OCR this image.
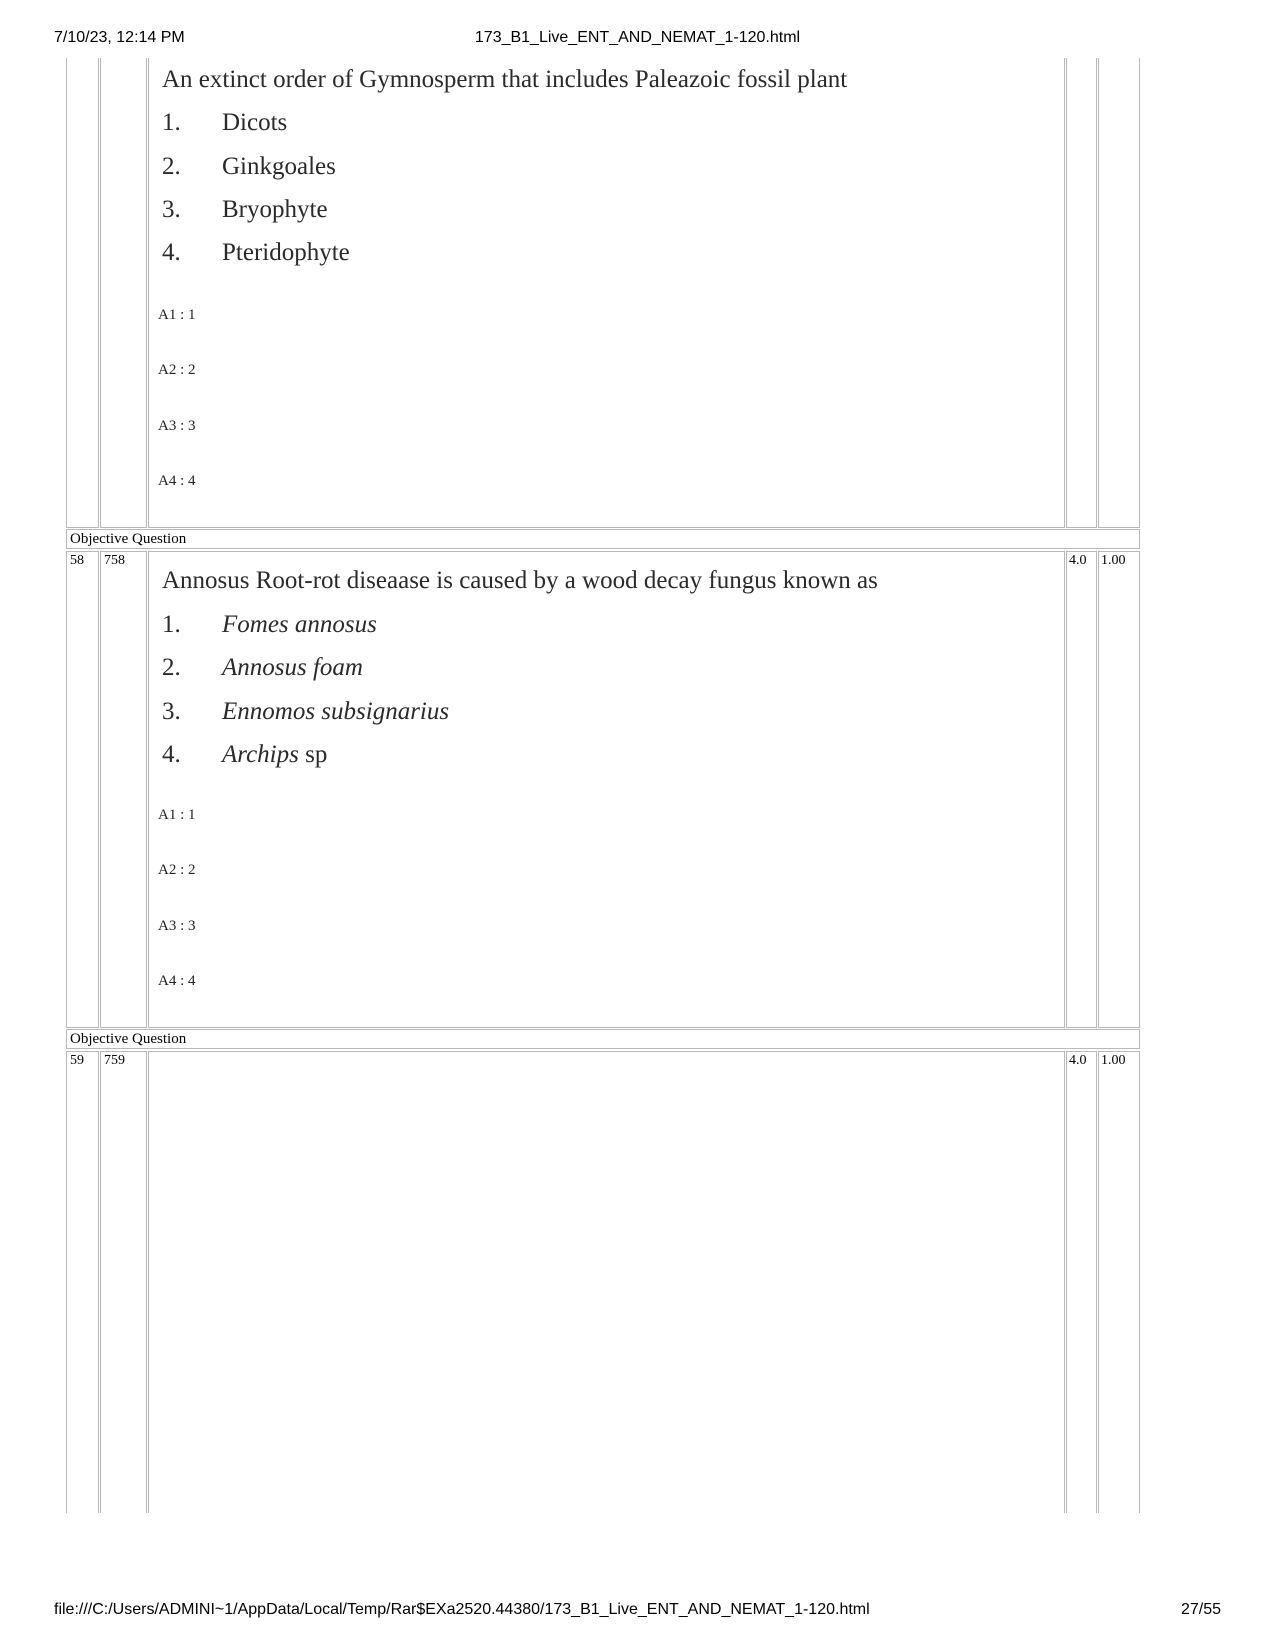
7/10/23, 12:14 PM	173_B1_Live_ENT_AND_NEMAT_1-120.html
An extinct order of Gymnosperm that includes Paleazoic fossil plant
1. Dicots
2. Ginkgoales
3. Bryophyte
4. Pteridophyte
A1 : 1
A2 : 2
A3 : 3
A4 : 4
Objective Question
58 758	4.0 1.00
Annosus Root-rot diseaase is caused by a wood decay fungus known as
1. Fomes annosus
2. Annosus foam
3. Ennomos subsignarius
4. Archips sp
A1 : 1
A2 : 2
A3 : 3
A4 : 4
Objective Question
59 759	4.0 1.00
file:///C:/Users/ADMINI~1/AppData/Local/Temp/Rar$EXa2520.44380/173_B1_Live_ENT_AND_NEMAT_1-120.html	27/55
